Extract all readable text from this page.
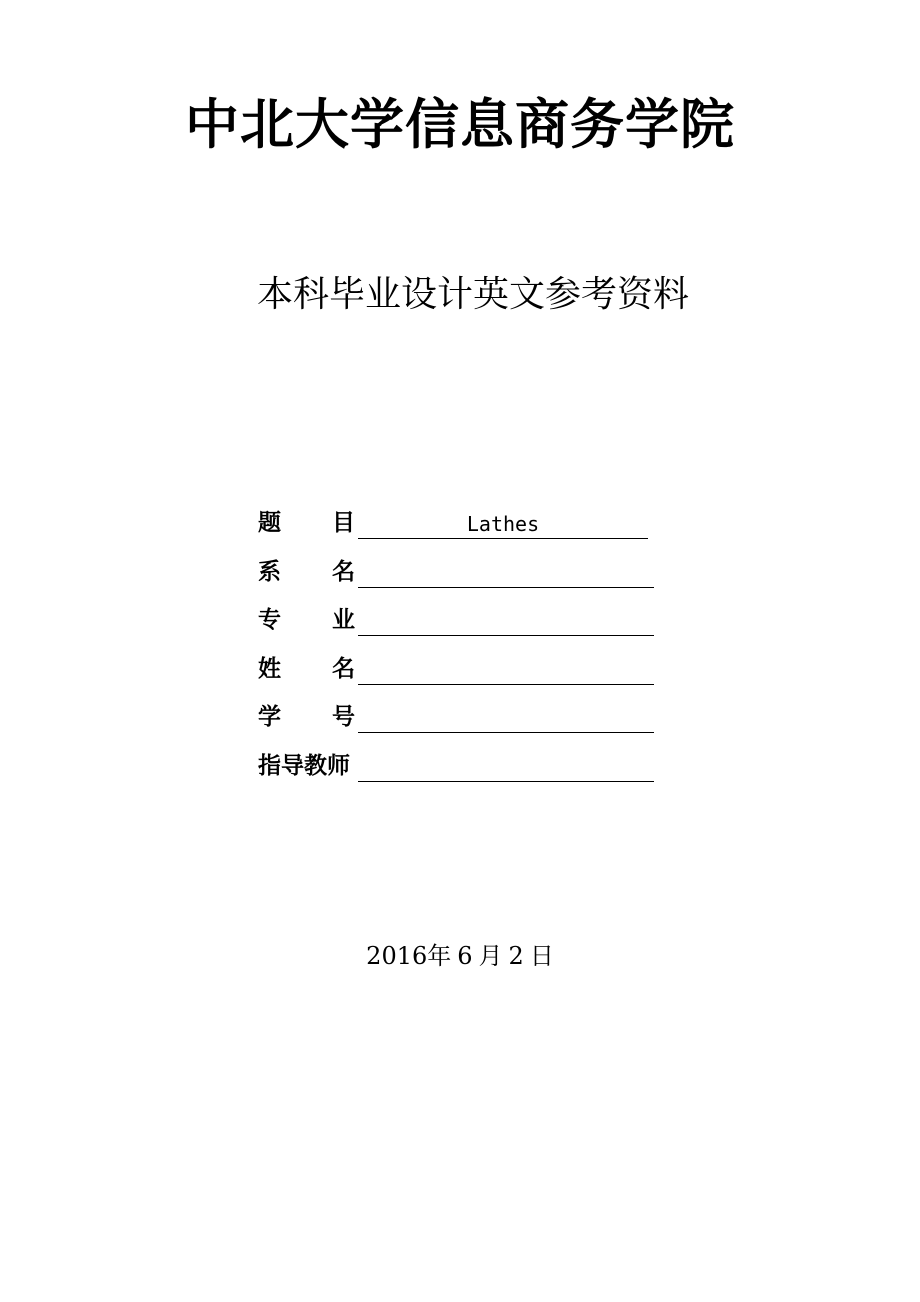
中北大学信息商务学院
本科毕业设计英文参考资料
题 目	Lathes
系 名
专 业
姓 名
学 号
指导教师
2016年 6 月 2 日
